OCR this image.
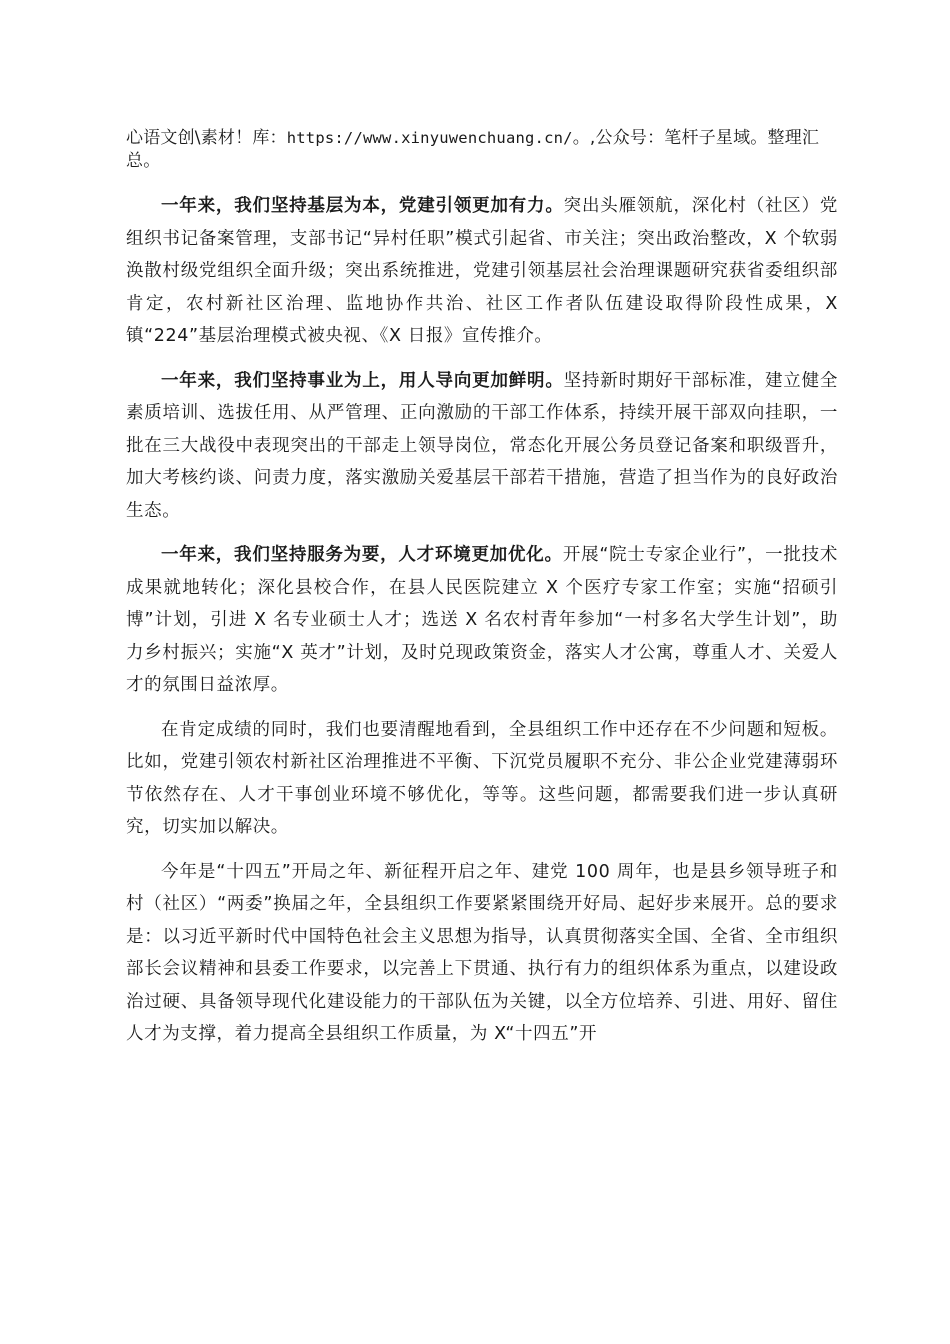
心语文创\素材！库：https://www.xinyuwenchuang.cn/。,公众号：笔杆子星域。整理汇总。

一年来，我们坚持基层为本，党建引领更加有力。突出头雁领航，深化村（社区）党组织书记备案管理，支部书记“异村任职”模式引起省、市关注；突出政治整改，X 个软弱涣散村级党组织全面升级；突出系统推进，党建引领基层社会治理课题研究获省委组织部肯定，农村新社区治理、监地协作共治、社区工作者队伍建设取得阶段性成果，X 镇“224”基层治理模式被央视、《X 日报》宣传推介。

一年来，我们坚持事业为上，用人导向更加鲜明。坚持新时期好干部标准，建立健全素质培训、选拔任用、从严管理、正向激励的干部工作体系，持续开展干部双向挂职，一批在三大战役中表现突出的干部走上领导岗位，常态化开展公务员登记备案和职级晋升，加大考核约谈、问责力度，落实激励关爱基层干部若干措施，营造了担当作为的良好政治生态。

一年来，我们坚持服务为要，人才环境更加优化。开展“院士专家企业行”，一批技术成果就地转化；深化县校合作，在县人民医院建立 X 个医疗专家工作室；实施“招硕引博”计划，引进 X 名专业硕士人才；选送 X 名农村青年参加“一村多名大学生计划”，助力乡村振兴；实施“X 英才”计划，及时兑现政策资金，落实人才公寓，尊重人才、关爱人才的氛围日益浓厚。

在肯定成绩的同时，我们也要清醒地看到，全县组织工作中还存在不少问题和短板。比如，党建引领农村新社区治理推进不平衡、下沉党员履职不充分、非公企业党建薄弱环节依然存在、人才干事创业环境不够优化，等等。这些问题，都需要我们进一步认真研究，切实加以解决。

今年是“十四五”开局之年、新征程开启之年、建党 100 周年，也是县乡领导班子和村（社区）“两委”换届之年，全县组织工作要紧紧围绕开好局、起好步来展开。总的要求是：以习近平新时代中国特色社会主义思想为指导，认真贯彻落实全国、全省、全市组织部长会议精神和县委工作要求，以完善上下贯通、执行有力的组织体系为重点，以建设政治过硬、具备领导现代化建设能力的干部队伍为关键，以全方位培养、引进、用好、留住人才为支撑，着力提高全县组织工作质量，为 X“十四五”开
